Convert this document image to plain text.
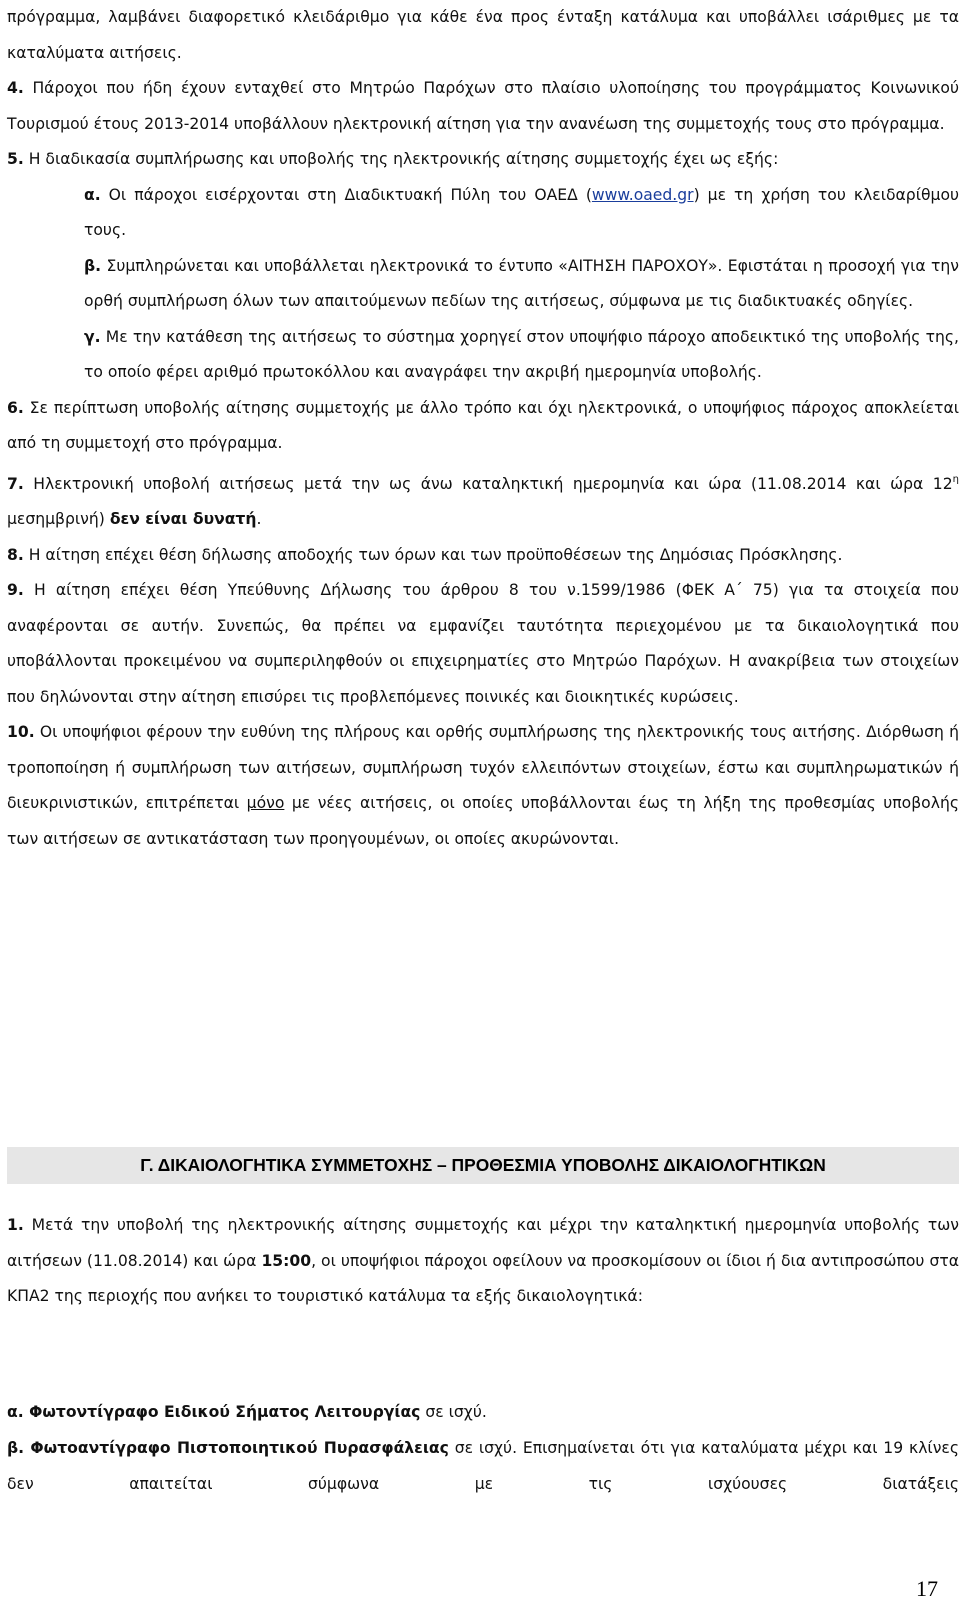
πρόγραμμα, λαμβάνει διαφορετικό κλειδάριθμο για κάθε ένα προς ένταξη κατάλυμα και υποβάλλει ισάριθμες με τα καταλύματα αιτήσεις.

4. Πάροχοι που ήδη έχουν ενταχθεί στο Μητρώο Παρόχων στο πλαίσιο υλοποίησης του προγράμματος Κοινωνικού Τουρισμού έτους 2013-2014 υποβάλλουν ηλεκτρονική αίτηση για την ανανέωση της συμμετοχής τους στο πρόγραμμα.

5. Η διαδικασία συμπλήρωσης και υποβολής της ηλεκτρονικής αίτησης συμμετοχής έχει ως εξής:

α. Οι πάροχοι εισέρχονται στη Διαδικτυακή Πύλη του ΟΑΕΔ (www.oaed.gr) με τη χρήση του κλειδαρίθμου τους.

β. Συμπληρώνεται και υποβάλλεται ηλεκτρονικά το έντυπο «ΑΙΤΗΣΗ ΠΑΡΟΧΟΥ». Εφιστάται η προσοχή για την ορθή συμπλήρωση όλων των απαιτούμενων πεδίων της αιτήσεως, σύμφωνα με τις διαδικτυακές οδηγίες.

γ. Με την κατάθεση της αιτήσεως το σύστημα χορηγεί στον υποψήφιο πάροχο αποδεικτικό της υποβολής της, το οποίο φέρει αριθμό πρωτοκόλλου και αναγράφει την ακριβή ημερομηνία υποβολής.

6. Σε περίπτωση υποβολής αίτησης συμμετοχής με άλλο τρόπο και όχι ηλεκτρονικά, ο υποψήφιος πάροχος αποκλείεται από τη συμμετοχή στο πρόγραμμα.

7. Ηλεκτρονική υποβολή αιτήσεως μετά την ως άνω καταληκτική ημερομηνία και ώρα (11.08.2014 και ώρα $12^\eta$ μεσημβρινή) δεν είναι δυνατή.

8. Η αίτηση επέχει θέση δήλωσης αποδοχής των όρων και των προϋποθέσεων της Δημόσιας Πρόσκλησης.

9. Η αίτηση επέχει θέση Υπεύθυνης Δήλωσης του άρθρου 8 του ν.1599/1986 (ΦΕΚ Α΄ 75) για τα στοιχεία που αναφέρονται σε αυτήν. Συνεπώς, θα πρέπει να εμφανίζει ταυτότητα περιεχομένου με τα δικαιολογητικά που υποβάλλονται προκειμένου να συμπεριληφθούν οι επιχειρηματίες στο Μητρώο Παρόχων. Η ανακρίβεια των στοιχείων που δηλώνονται στην αίτηση επισύρει τις προβλεπόμενες ποινικές και διοικητικές κυρώσεις.

10. Οι υποψήφιοι φέρουν την ευθύνη της πλήρους και ορθής συμπλήρωσης της ηλεκτρονικής τους αιτήσης. Διόρθωση ή τροποποίηση ή συμπλήρωση των αιτήσεων, συμπλήρωση τυχόν ελλειπόντων στοιχείων, έστω και συμπληρωματικών ή διευκρινιστικών, επιτρέπεται μόνο με νέες αιτήσεις, οι οποίες υποβάλλονται έως τη λήξη της προθεσμίας υποβολής των αιτήσεων σε αντικατάσταση των προηγουμένων, οι οποίες ακυρώνονται.

Γ. ΔΙΚΑΙΟΛΟΓΗΤΙΚΑ ΣΥΜΜΕΤΟΧΗΣ – ΠΡΟΘΕΣΜΙΑ ΥΠΟΒΟΛΗΣ ΔΙΚΑΙΟΛΟΓΗΤΙΚΩΝ

1. Μετά την υποβολή της ηλεκτρονικής αίτησης συμμετοχής και μέχρι την καταληκτική ημερομηνία υποβολής των αιτήσεων (11.08.2014) και ώρα 15:00, οι υποψήφιοι πάροχοι οφείλουν να προσκομίσουν οι ίδιοι ή δια αντιπροσώπου στα ΚΠΑ2 της περιοχής που ανήκει το τουριστικό κατάλυμα τα εξής δικαιολογητικά:

α. Φωτοντίγραφο Ειδικού Σήματος Λειτουργίας σε ισχύ.

β. Φωτοαντίγραφο Πιστοποιητικού Πυρασφάλειας σε ισχύ. Επισημαίνεται ότι για καταλύματα μέχρι και 19 κλίνες δεν απαιτείται σύμφωνα με τις ισχύουσες διατάξεις

17
